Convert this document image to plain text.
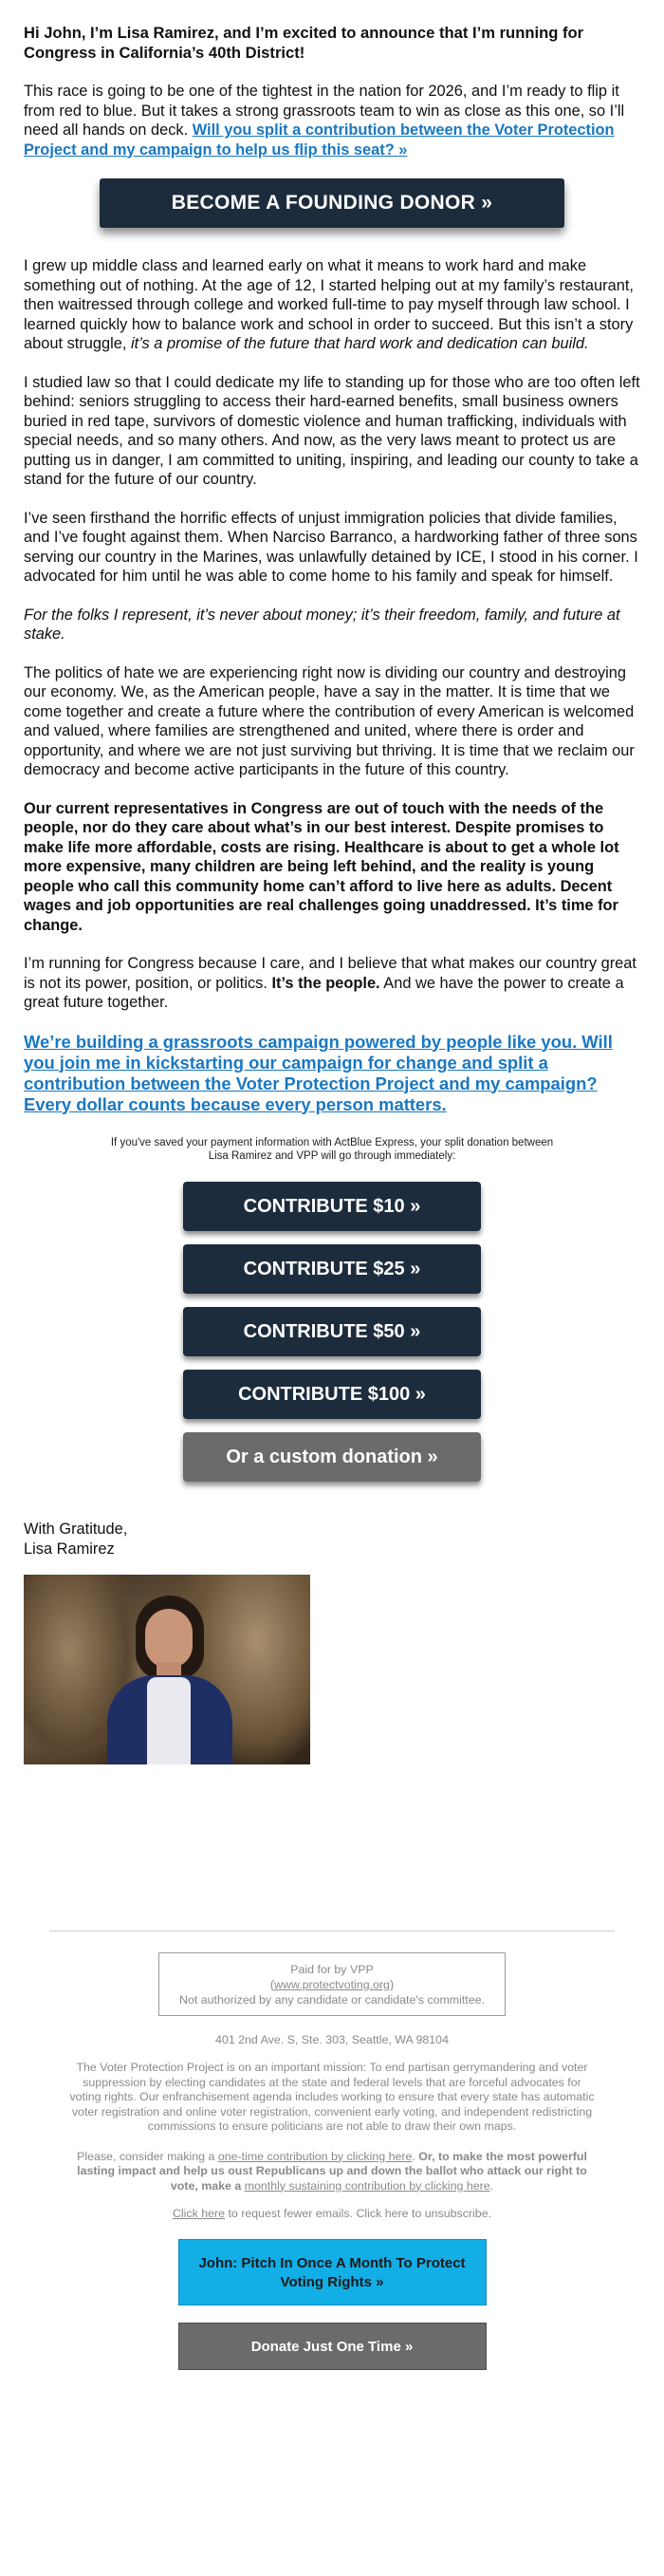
Hi John, I’m Lisa Ramirez, and I’m excited to announce that I’m running for Congress in California’s 40th District!

This race is going to be one of the tightest in the nation for 2026, and I’m ready to flip it from red to blue. But it takes a strong grassroots team to win as close as this one, so I’ll need all hands on deck. Will you split a contribution between the Voter Protection Project and my campaign to help us flip this seat? »

BECOME A FOUNDING DONOR »

I grew up middle class and learned early on what it means to work hard and make something out of nothing. At the age of 12, I started helping out at my family’s restaurant, then waitressed through college and worked full-time to pay myself through law school. I learned quickly how to balance work and school in order to succeed. But this isn’t a story about struggle, it’s a promise of the future that hard work and dedication can build.

I studied law so that I could dedicate my life to standing up for those who are too often left behind: seniors struggling to access their hard-earned benefits, small business owners buried in red tape, survivors of domestic violence and human trafficking, individuals with special needs, and so many others. And now, as the very laws meant to protect us are putting us in danger, I am committed to uniting, inspiring, and leading our county to take a stand for the future of our country.

I’ve seen firsthand the horrific effects of unjust immigration policies that divide families, and I’ve fought against them. When Narciso Barranco, a hardworking father of three sons serving our country in the Marines, was unlawfully detained by ICE, I stood in his corner. I advocated for him until he was able to come home to his family and speak for himself.

For the folks I represent, it’s never about money; it’s their freedom, family, and future at stake.

The politics of hate we are experiencing right now is dividing our country and destroying our economy. We, as the American people, have a say in the matter. It is time that we come together and create a future where the contribution of every American is welcomed and valued, where families are strengthened and united, where there is order and opportunity, and where we are not just surviving but thriving. It is time that we reclaim our democracy and become active participants in the future of this country.

Our current representatives in Congress are out of touch with the needs of the people, nor do they care about what’s in our best interest. Despite promises to make life more affordable, costs are rising. Healthcare is about to get a whole lot more expensive, many children are being left behind, and the reality is young people who call this community home can’t afford to live here as adults. Decent wages and job opportunities are real challenges going unaddressed. It’s time for change.

I’m running for Congress because I care, and I believe that what makes our country great is not its power, position, or politics. It’s the people. And we have the power to create a great future together.

We’re building a grassroots campaign powered by people like you. Will you join me in kickstarting our campaign for change and split a contribution between the Voter Protection Project and my campaign? Every dollar counts because every person matters.
If you've saved your payment information with ActBlue Express, your split donation between Lisa Ramirez and VPP will go through immediately:
CONTRIBUTE $10 »
CONTRIBUTE $25 »
CONTRIBUTE $50 »
CONTRIBUTE $100 »
Or a custom donation »
With Gratitude,
Lisa Ramirez
Paid for by VPP
(www.protectvoting.org)
Not authorized by any candidate or candidate's committee.

401 2nd Ave. S, Ste. 303, Seattle, WA 98104

The Voter Protection Project is on an important mission: To end partisan gerrymandering and voter suppression by electing candidates at the state and federal levels that are forceful advocates for voting rights. Our enfranchisement agenda includes working to ensure that every state has automatic voter registration and online voter registration, convenient early voting, and independent redistricting commissions to ensure politicians are not able to draw their own maps.

Please, consider making a one-time contribution by clicking here. Or, to make the most powerful lasting impact and help us oust Republicans up and down the ballot who attack our right to vote, make a monthly sustaining contribution by clicking here.

Click here to request fewer emails. Click here to unsubscribe.

John: Pitch In Once A Month To Protect Voting Rights »
Donate Just One Time »
